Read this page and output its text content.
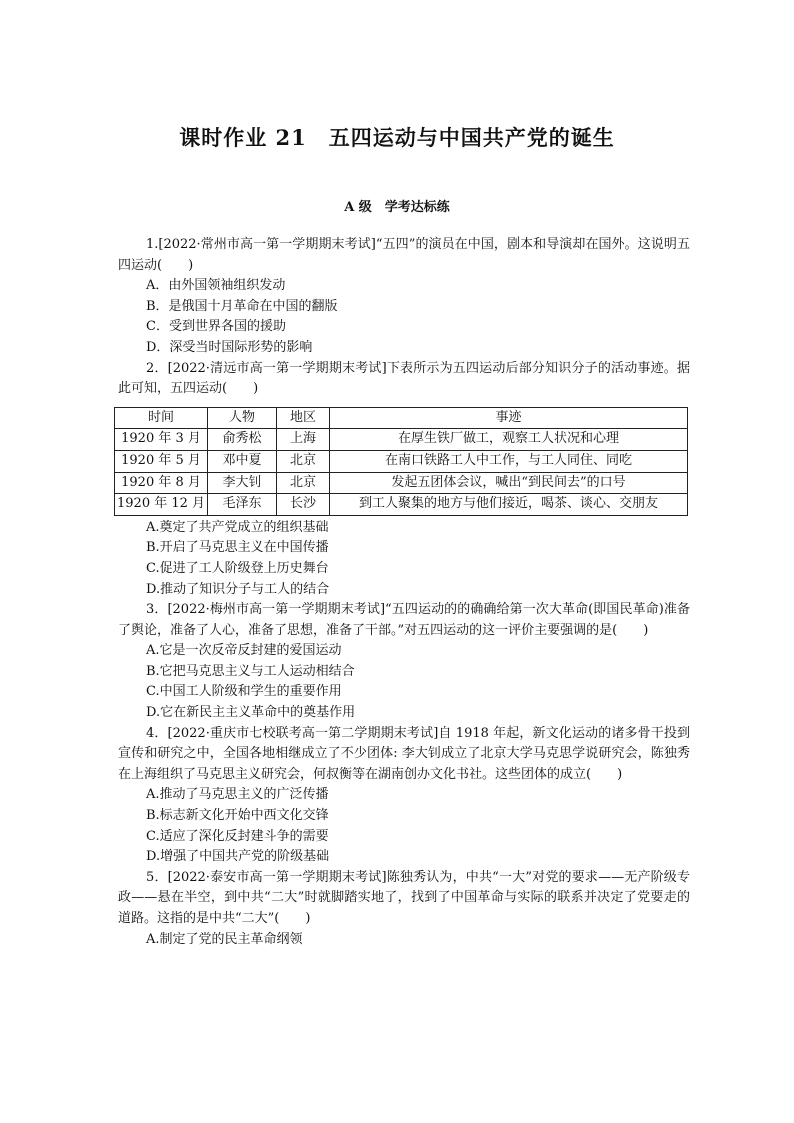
课时作业 21　五四运动与中国共产党的诞生
A 级　学考达标练
1.[2022·常州市高一第一学期期末考试]“五四”的演员在中国，剧本和导演却在国外。这说明五四运动(　　)
A．由外国领袖组织发动
B．是俄国十月革命在中国的翻版
C．受到世界各国的援助
D．深受当时国际形势的影响
2．[2022·清远市高一第一学期期末考试]下表所示为五四运动后部分知识分子的活动事迹。据此可知，五四运动(　　)
时间	人物	地区	事迹
1920 年 3 月	俞秀松	上海	在厚生铁厂做工，观察工人状况和心理
1920 年 5 月	邓中夏	北京	在南口铁路工人中工作，与工人同住、同吃
1920 年 8 月	李大钊	北京	发起五团体会议，喊出“到民间去”的口号
1920 年 12 月	毛泽东	长沙	到工人聚集的地方与他们接近，喝茶、谈心、交朋友
A.奠定了共产党成立的组织基础
B.开启了马克思主义在中国传播
C.促进了工人阶级登上历史舞台
D.推动了知识分子与工人的结合
3．[2022·梅州市高一第一学期期末考试]“五四运动的的确确给第一次大革命(即国民革命)准备了舆论，准备了人心，准备了思想，准备了干部。”对五四运动的这一评价主要强调的是(　　)
A.它是一次反帝反封建的爱国运动
B.它把马克思主义与工人运动相结合
C.中国工人阶级和学生的重要作用
D.它在新民主主义革命中的奠基作用
4．[2022·重庆市七校联考高一第二学期期末考试]自 1918 年起，新文化运动的诸多骨干投到宣传和研究之中，全国各地相继成立了不少团体: 李大钊成立了北京大学马克思学说研究会，陈独秀在上海组织了马克思主义研究会，何叔衡等在湖南创办文化书社。这些团体的成立(　　)
A.推动了马克思主义的广泛传播
B.标志新文化开始中西文化交锋
C.适应了深化反封建斗争的需要
D.增强了中国共产党的阶级基础
5．[2022·泰安市高一第一学期期末考试]陈独秀认为，中共“一大”对党的要求——无产阶级专政——悬在半空，到中共“二大”时就脚踏实地了，找到了中国革命与实际的联系并决定了党要走的道路。这指的是中共“二大”(　　)
A.制定了党的民主革命纲领
